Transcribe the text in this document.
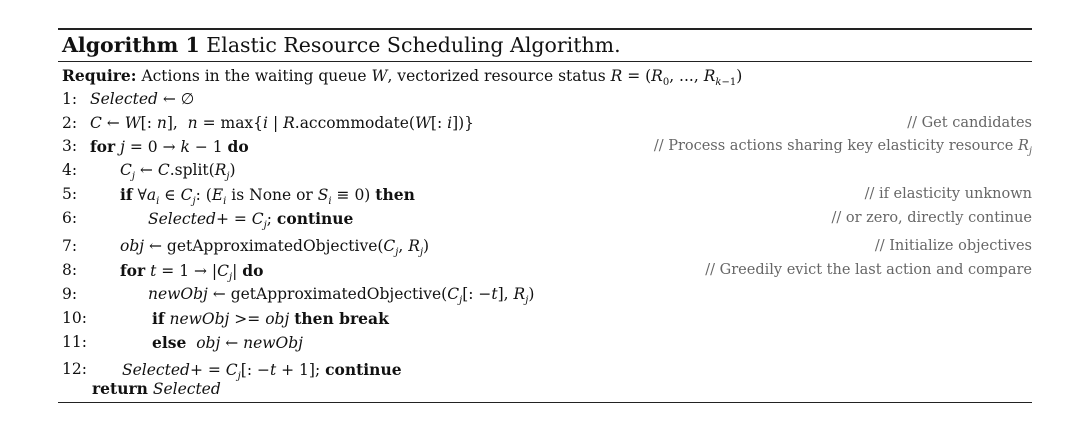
Algorithm 1 Elastic Resource Scheduling Algorithm.
Require: Actions in the waiting queue W, vectorized resource status $R = (R_0$, ..., $R_{k-1}$)
1: Selected ← ∅
2: C ← W[: n],  n = max{i | R.accommodate(W[: i])}	// Get candidates
3: for j = 0 → k − 1 do	// Process actions sharing key elasticity resource $R_j$
4:	$C_j$ ← $C.split(R_j)$
5:	if $\forall a_i$ ∈ $C_j$: ($E_i$ is None or $S_i \equiv 0$) then	// if elasticity unknown
6:	Selected+ = $C_j$; continue	// or zero, directly continue
7:	obj ← $getApproximatedObjective(C_j$, $R_j$)	// Initialize objectives
8:	for $t = 1 \to |C_j|$ do	// Greedily evict the last action and compare
9:	newObj ← $getApproximatedObjective(C_j$[: −t], $R_j$)
10:	if newObj >= obj then break
11:	else obj ← newObj
12: Selected+ = $C_j$[: −t + 1]; continue
return Selected
